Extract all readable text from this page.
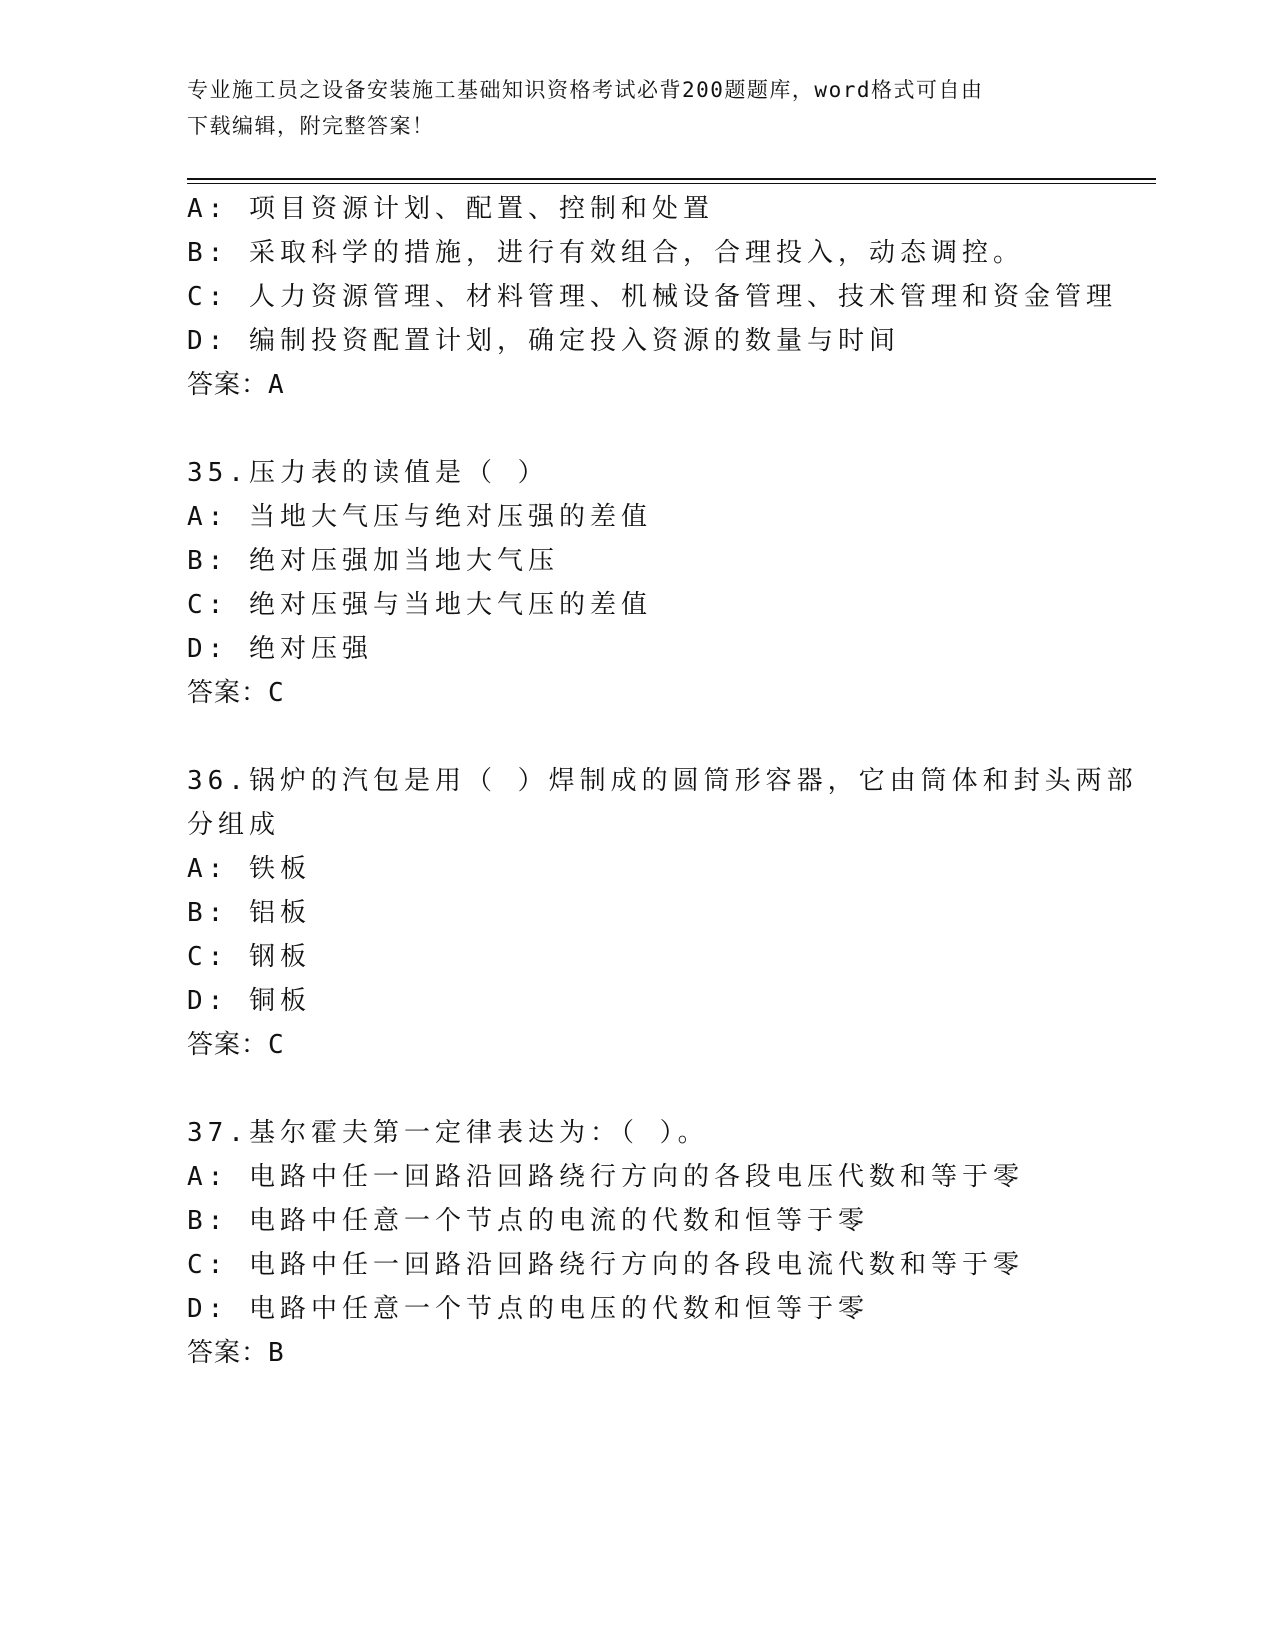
专业施工员之设备安装施工基础知识资格考试必背200题题库，word格式可自由
下载编辑，附完整答案！
A: 项目资源计划、配置、控制和处置
B: 采取科学的措施，进行有效组合，合理投入，动态调控。
C: 人力资源管理、材料管理、机械设备管理、技术管理和资金管理
D: 编制投资配置计划，确定投入资源的数量与时间
答案：A
35.压力表的读值是（ ）
A: 当地大气压与绝对压强的差值
B: 绝对压强加当地大气压
C: 绝对压强与当地大气压的差值
D: 绝对压强
答案：C
36.锅炉的汽包是用（ ）焊制成的圆筒形容器，它由筒体和封头两部
分组成
A: 铁板
B: 铝板
C: 钢板
D: 铜板
答案：C
37.基尔霍夫第一定律表达为：（ ）。
A: 电路中任一回路沿回路绕行方向的各段电压代数和等于零
B: 电路中任意一个节点的电流的代数和恒等于零
C: 电路中任一回路沿回路绕行方向的各段电流代数和等于零
D: 电路中任意一个节点的电压的代数和恒等于零
答案：B
